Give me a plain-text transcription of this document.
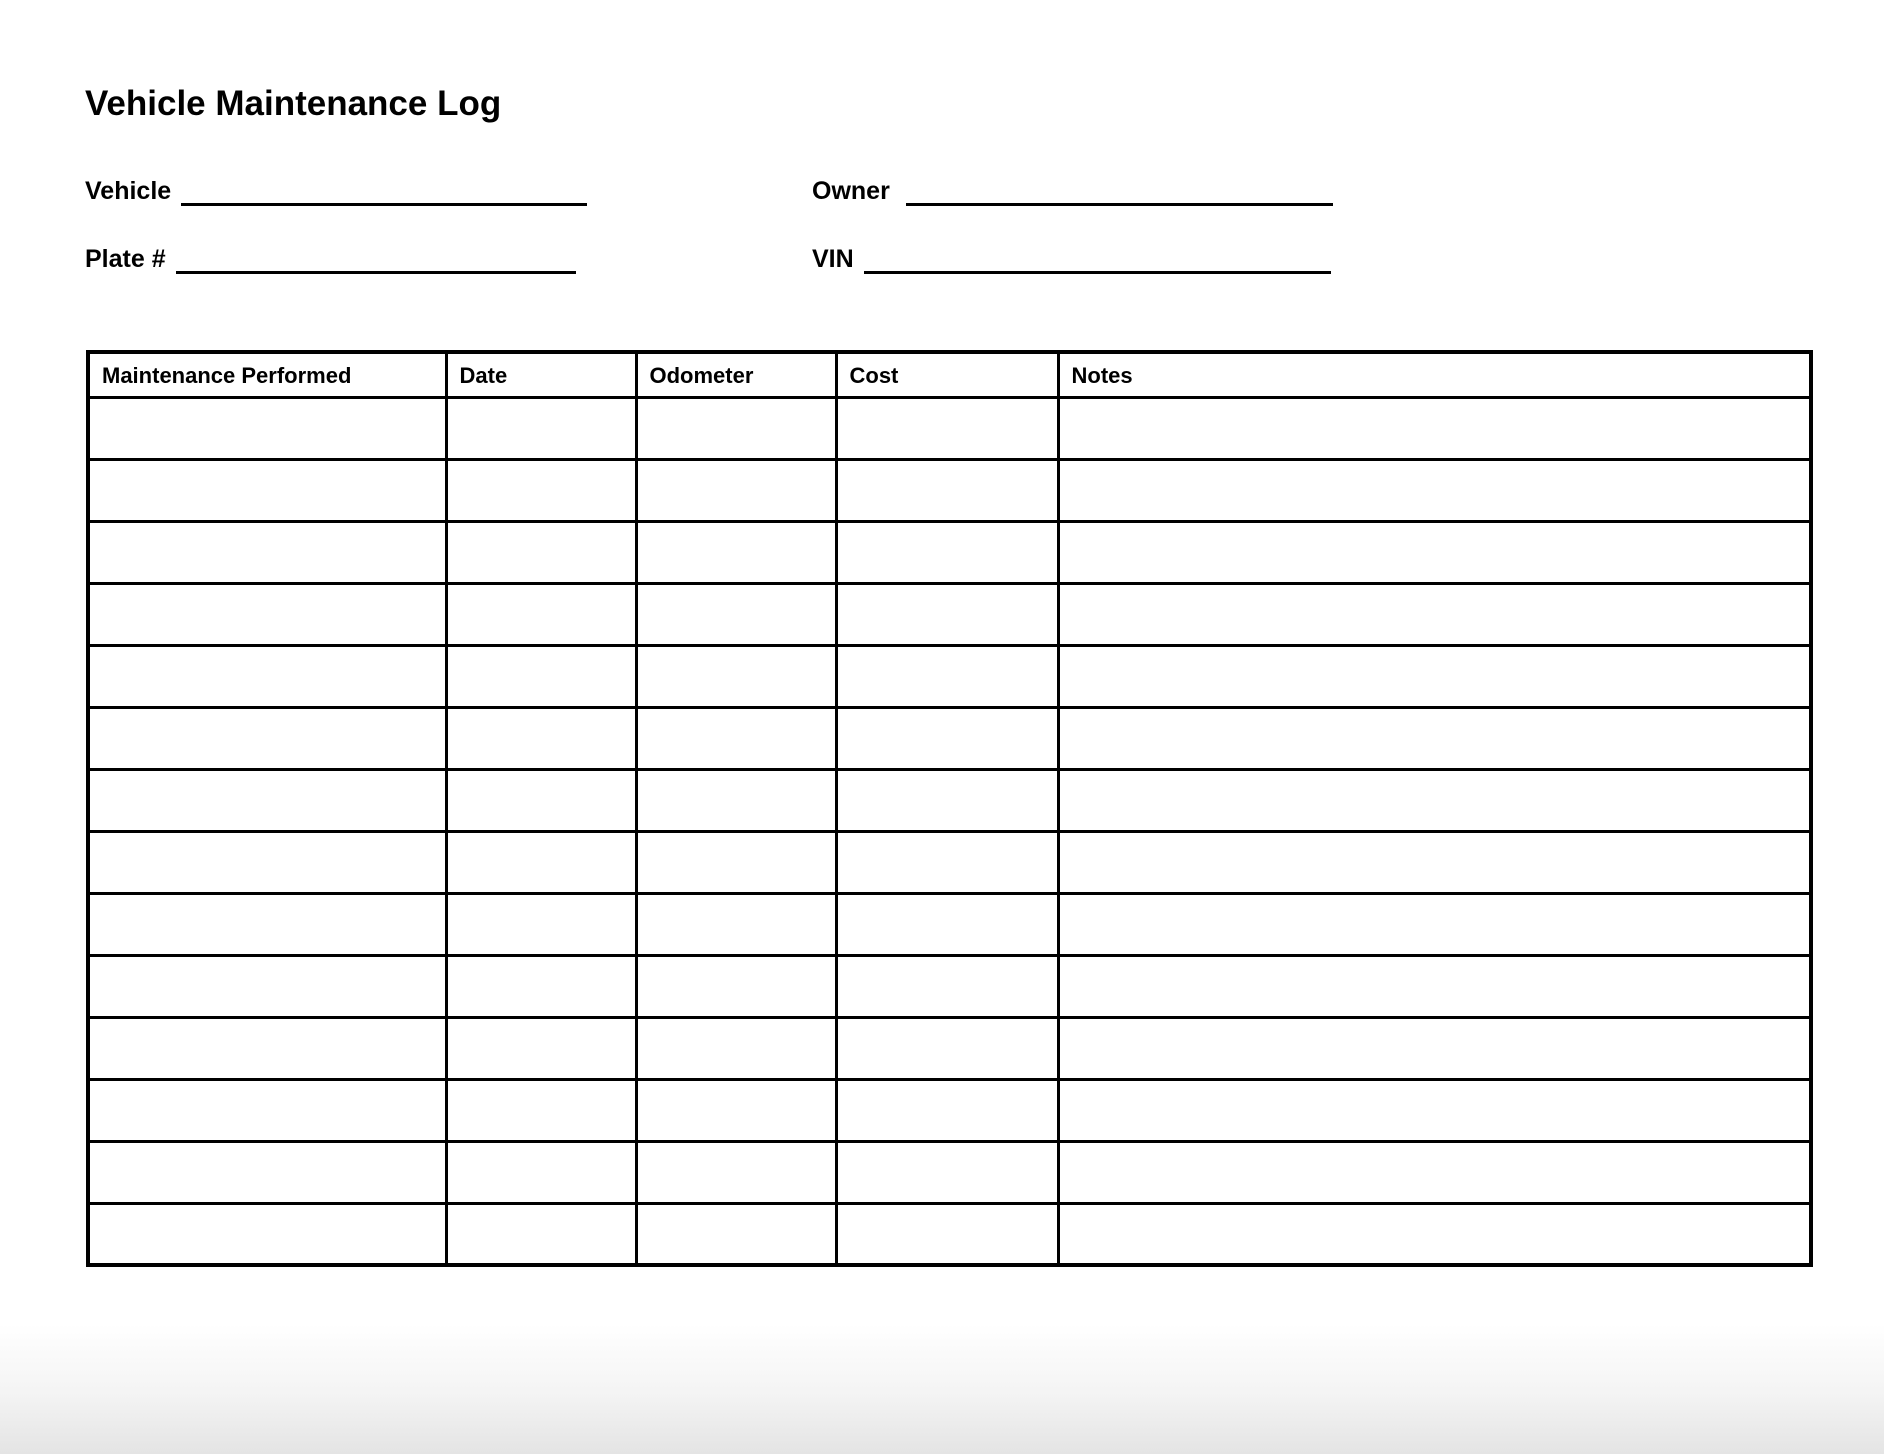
Vehicle Maintenance Log
Vehicle	Owner
Plate #	VIN
Maintenance Performed	Date	Odometer	Cost	Notes
